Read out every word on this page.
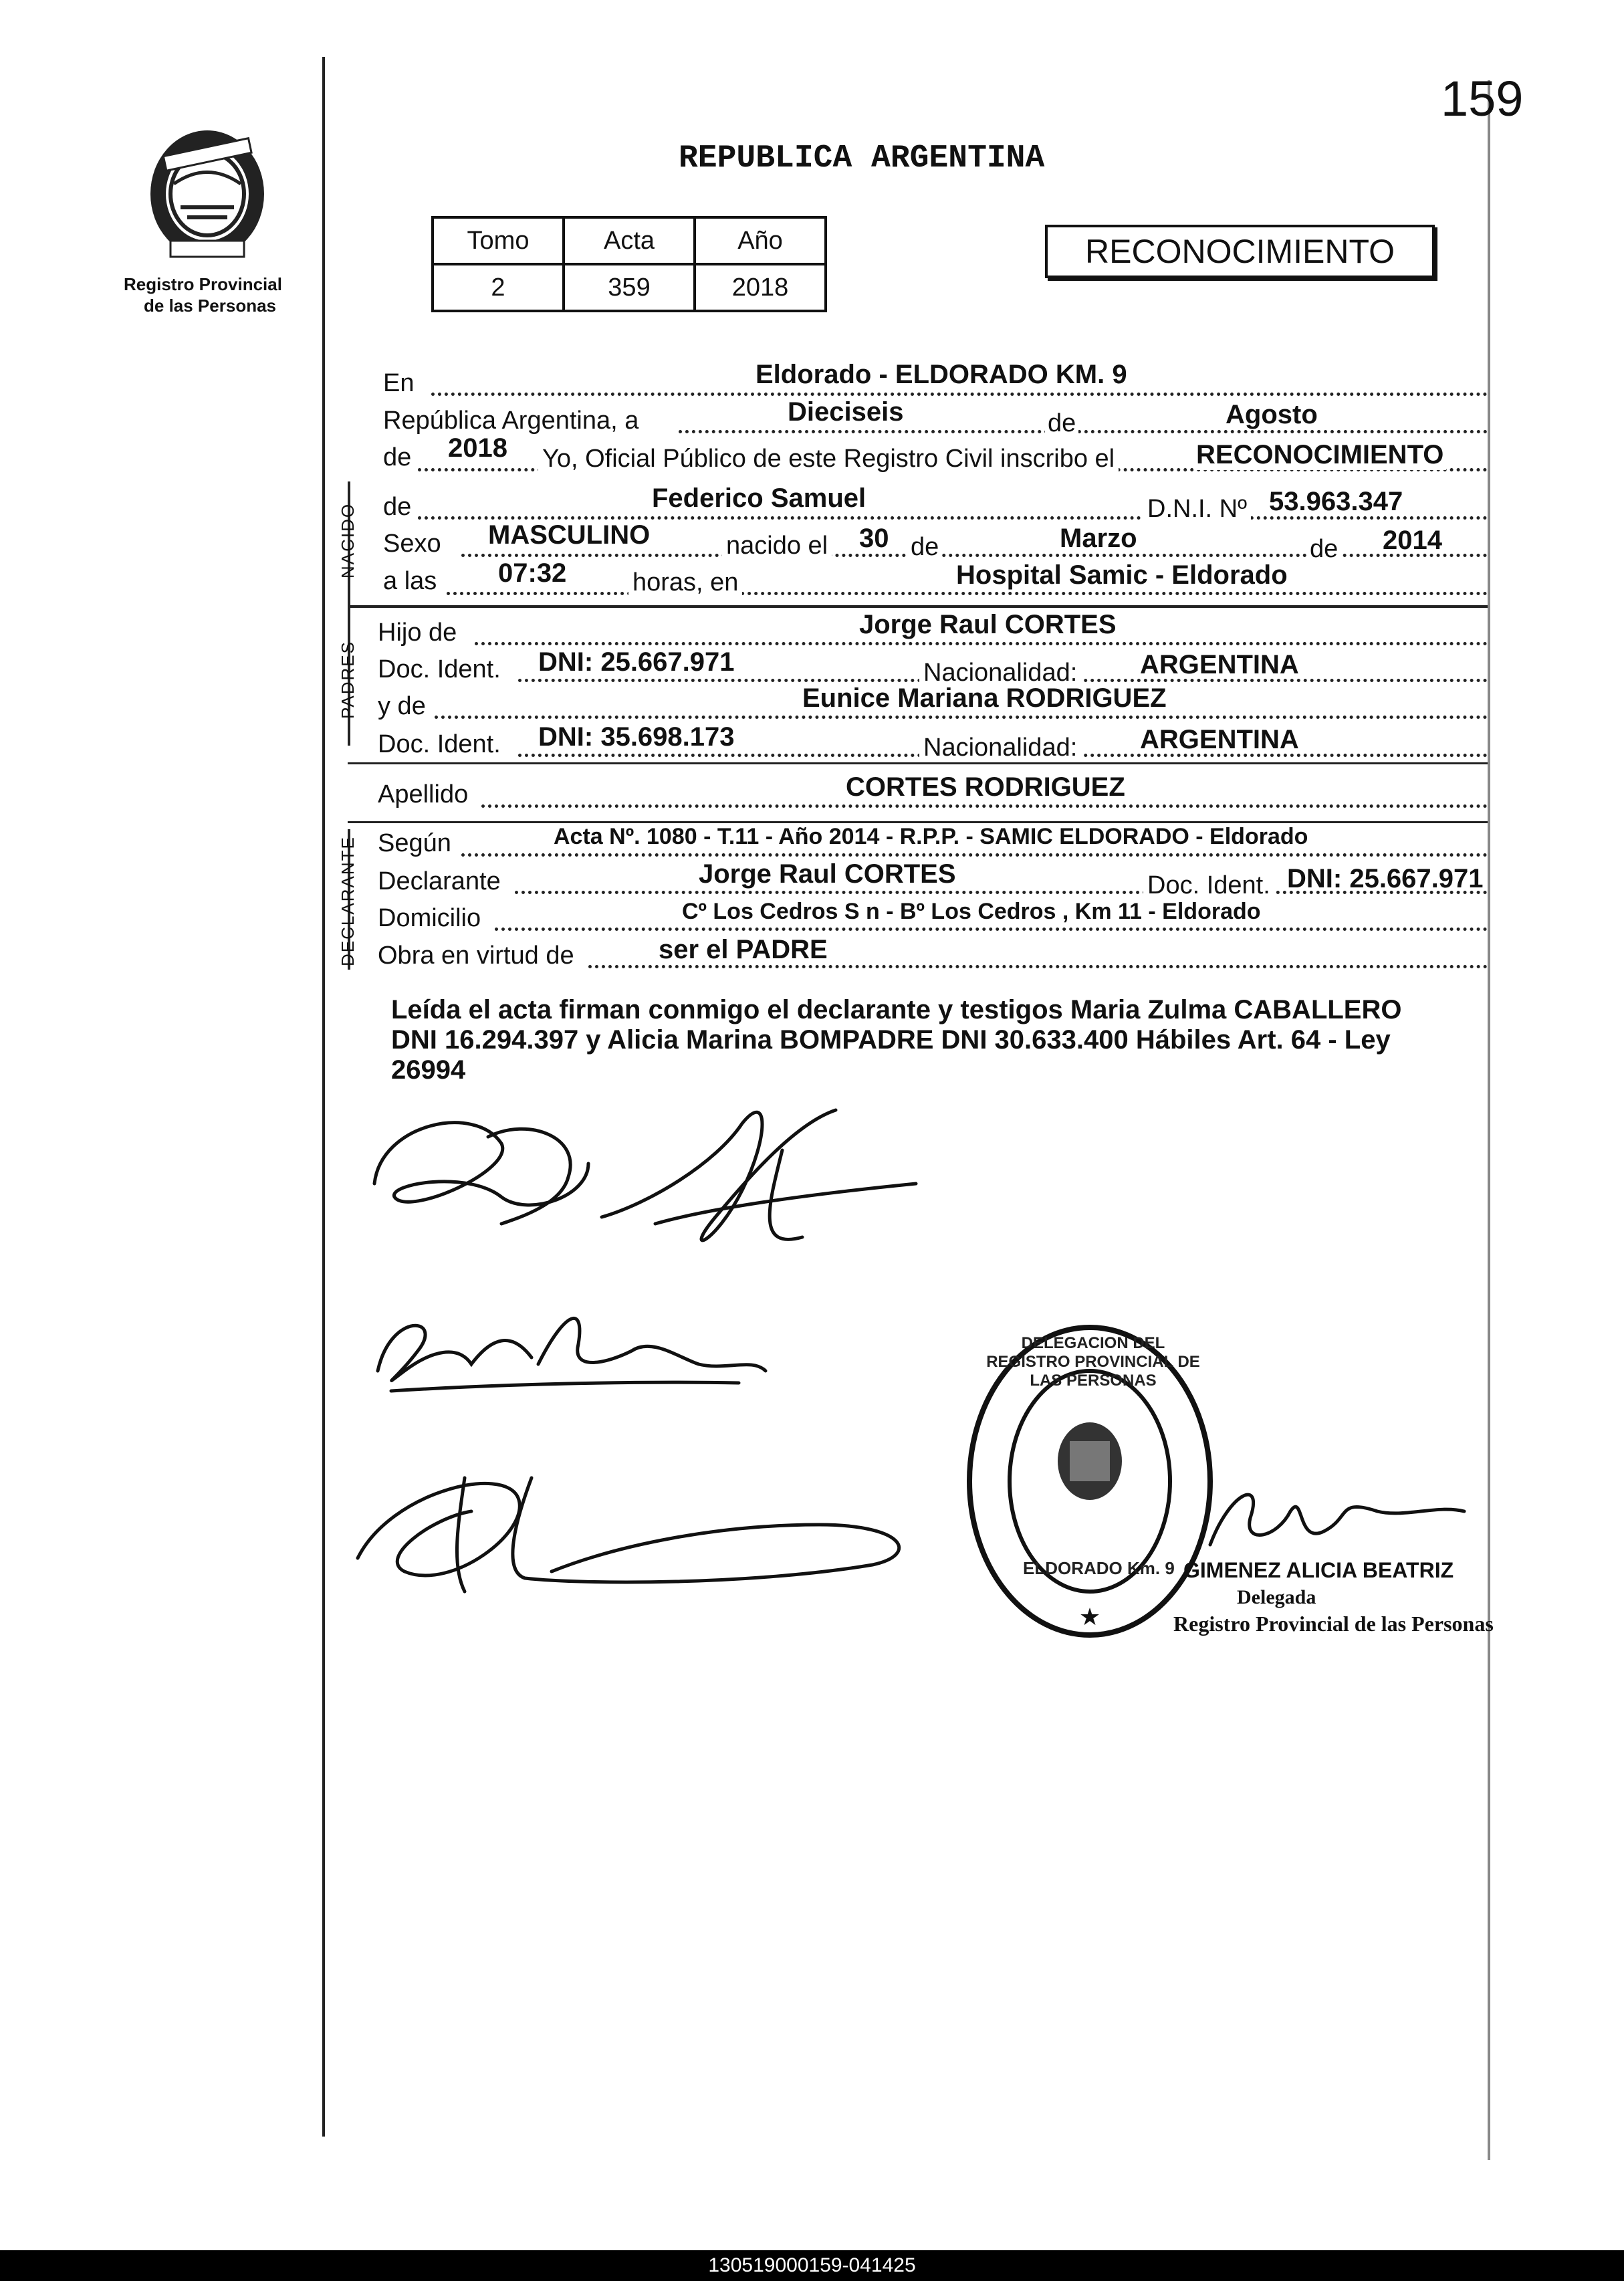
159
Registro Provincial
de las Personas
REPUBLICA ARGENTINA
Tomo	Acta	Año
2	359	2018
RECONOCIMIENTO
En	Eldorado - ELDORADO KM. 9
República Argentina, a	Dieciseis	de	Agosto
de 2018 Yo, Oficial Público de este Registro Civil inscribo el	RECONOCIMIENTO
NACIDO de	Federico Samuel	D.N.I. Nº 53.963.347
Sexo MASCULINO	nacido el 30 de	Marzo	de 2014
a las 07:32	horas, en	Hospital Samic - Eldorado
PADRES
Hijo de	Jorge Raul CORTES
Doc. Ident. DNI: 25.667.971	Nacionalidad: ARGENTINA
y de	Eunice Mariana RODRIGUEZ
Doc. Ident. DNI: 35.698.173	Nacionalidad: ARGENTINA
Apellido	CORTES RODRIGUEZ
DECLARANTE Según	Acta Nº. 1080 - T.11 - Año 2014 - R.P.P. - SAMIC ELDORADO - Eldorado
Declarante	Jorge Raul CORTES	Doc. Ident. DNI: 25.667.971
Domicilio	Cº Los Cedros S n - Bº Los Cedros , Km 11 - Eldorado
Obra en virtud de	ser el PADRE
Leída el acta firman conmigo el declarante y testigos Maria Zulma CABALLERO
DNI 16.294.397 y Alicia Marina BOMPADRE DNI 30.633.400 Hábiles Art. 64 - Ley
26994
★
DELEGACION DEL REGISTRO PROVINCIAL DE LAS PERSONAS
ELDORADO Km. 9 GIMENEZ ALICIA BEATRIZ
Delegada
Registro Provincial de las Personas
130519000159-041425
